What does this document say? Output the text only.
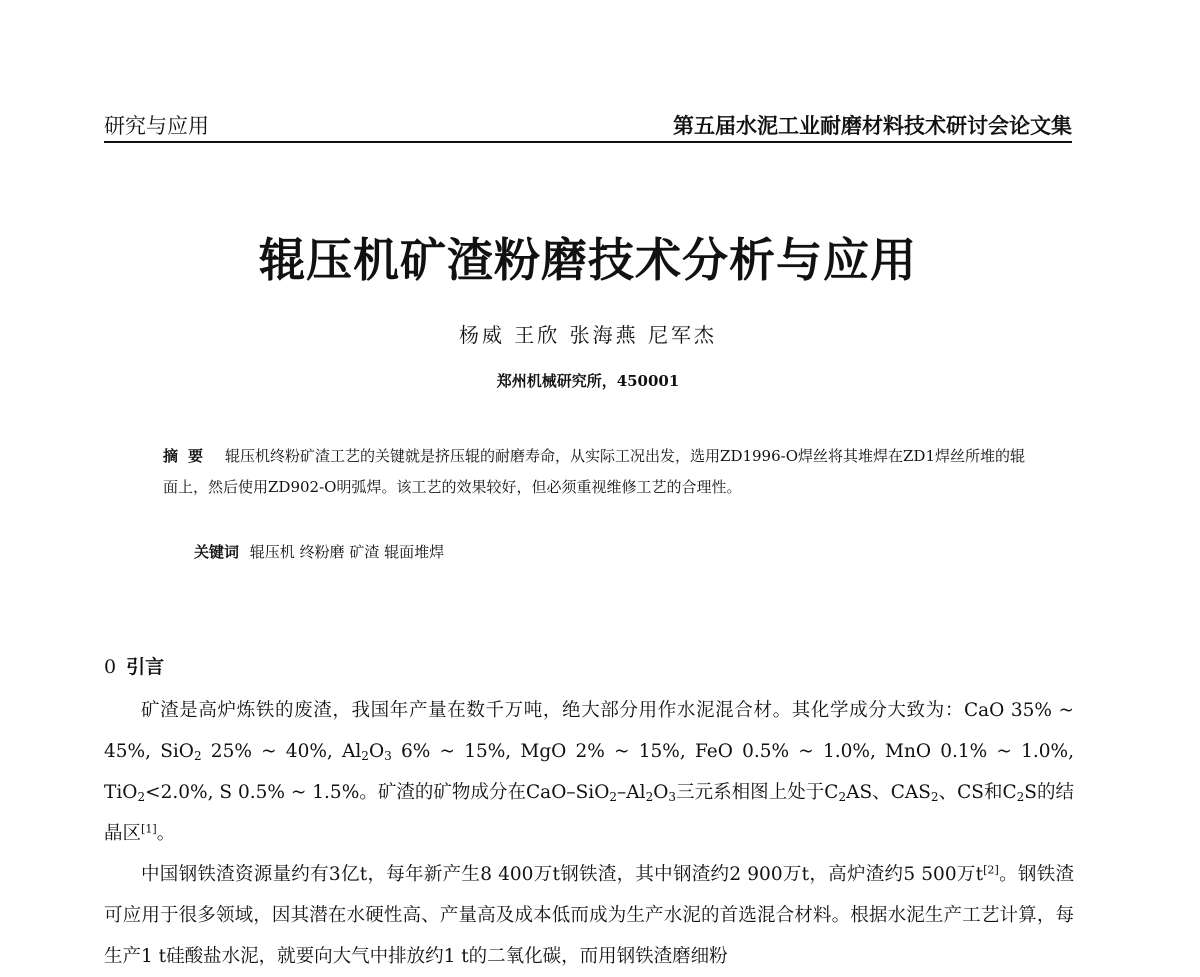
研究与应用	第五届水泥工业耐磨材料技术研讨会论文集
辊压机矿渣粉磨技术分析与应用
杨威 王欣 张海燕 尼军杰
郑州机械研究所，450001
摘要 辊压机终粉矿渣工艺的关键就是挤压辊的耐磨寿命，从实际工况出发，选用ZD1996-O焊丝将其堆焊在ZD1焊丝所堆的辊面上，然后使用ZD902-O明弧焊。该工艺的效果较好，但必须重视维修工艺的合理性。
关键词 辊压机 终粉磨 矿渣 辊面堆焊
0 引言

矿渣是高炉炼铁的废渣，我国年产量在数千万吨，绝大部分用作水泥混合材。其化学成分大致为：CaO 35% ~ 45%, SiO$_2$ 25% ~ 40%, $Al_2O_3$ 6% ~ 15%, MgO 2% ~ 15%, FeO 0.5% ~ 1.0%, MnO 0.1% ~ 1.0%, TiO$_2$<2.0%, S 0.5% ~ 1.5%。矿渣的矿物成分在CaO–$SiO_2-Al_2O_3$三元系相图上处于$C_2AS$、$CAS_2$、CS和$C_2S$的结晶区[1]。

中国钢铁渣资源量约有3亿t，每年新产生8 400万t钢铁渣，其中钢渣约2 900万t，高炉渣约5 500万t[2]。钢铁渣可应用于很多领域，因其潜在水硬性高、产量高及成本低而成为生产水泥的首选混合材料。根据水泥生产工艺计算，每生产1 t硅酸盐水泥，就要向大气中排放约1 t的二氧化碳，而用钢铁渣磨细粉
